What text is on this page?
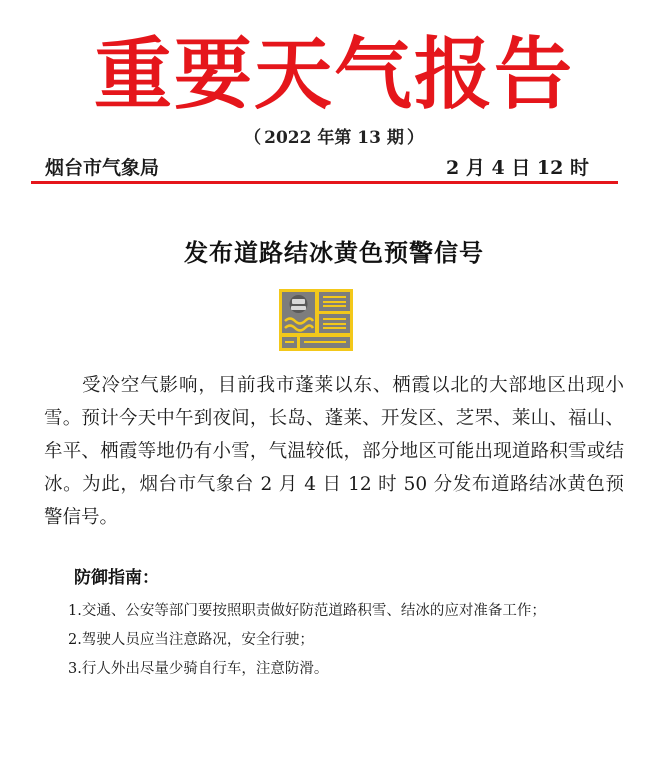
重要天气报告
（ 2022 年第 13 期 ）
烟台市气象局	2 月 4 日 12 时
发布道路结冰黄色预警信号

受冷空气影响，目前我市蓬莱以东、栖霞以北的大部地区出现小雪。预计今天中午到夜间，长岛、蓬莱、开发区、芝罘、莱山、福山、牟平、栖霞等地仍有小雪，气温较低，部分地区可能出现道路积雪或结冰。为此，烟台市气象台 2 月 4 日 12 时 50 分发布道路结冰黄色预警信号。

防御指南：
1.交通、公安等部门要按照职责做好防范道路积雪、结冰的应对准备工作；
2.驾驶人员应当注意路况，安全行驶；
3.行人外出尽量少骑自行车，注意防滑。
